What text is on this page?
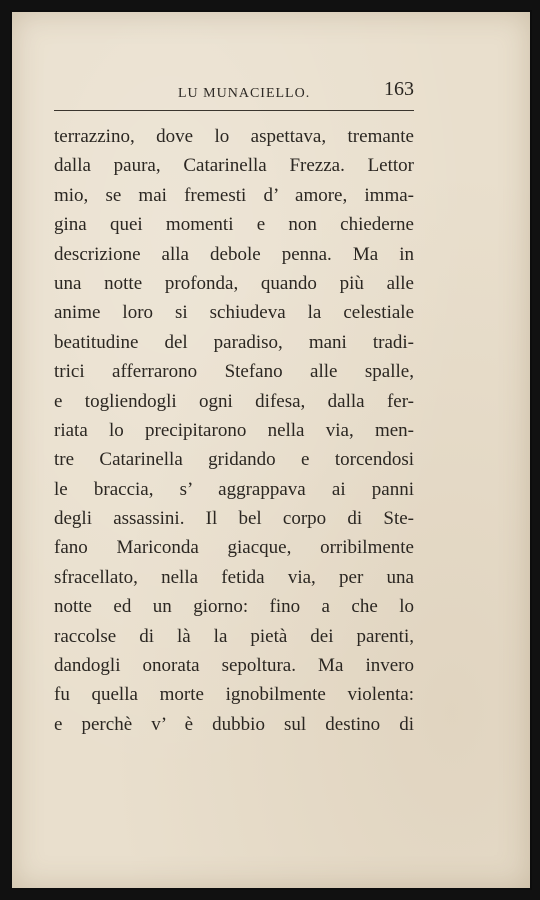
LU MUNACIELLO.	163
terrazzino, dove lo aspettava, tremante
dalla paura, Catarinella Frezza. Lettor
mio, se mai fremesti d’ amore, imma-
gina quei momenti e non chiederne
descrizione alla debole penna. Ma in
una notte profonda, quando più alle
anime loro si schiudeva la celestiale
beatitudine del paradiso, mani tradi-
trici afferrarono Stefano alle spalle,
e togliendogli ogni difesa, dalla fer-
riata lo precipitarono nella via, men-
tre Catarinella gridando e torcendosi
le braccia, s’ aggrappava ai panni
degli assassini. Il bel corpo di Ste-
fano Mariconda giacque, orribilmente
sfracellato, nella fetida via, per una
notte ed un giorno: fino a che lo
raccolse di là la pietà dei parenti,
dandogli onorata sepoltura. Ma invero
fu quella morte ignobilmente violenta:
e perchè v’ è dubbio sul destino di
